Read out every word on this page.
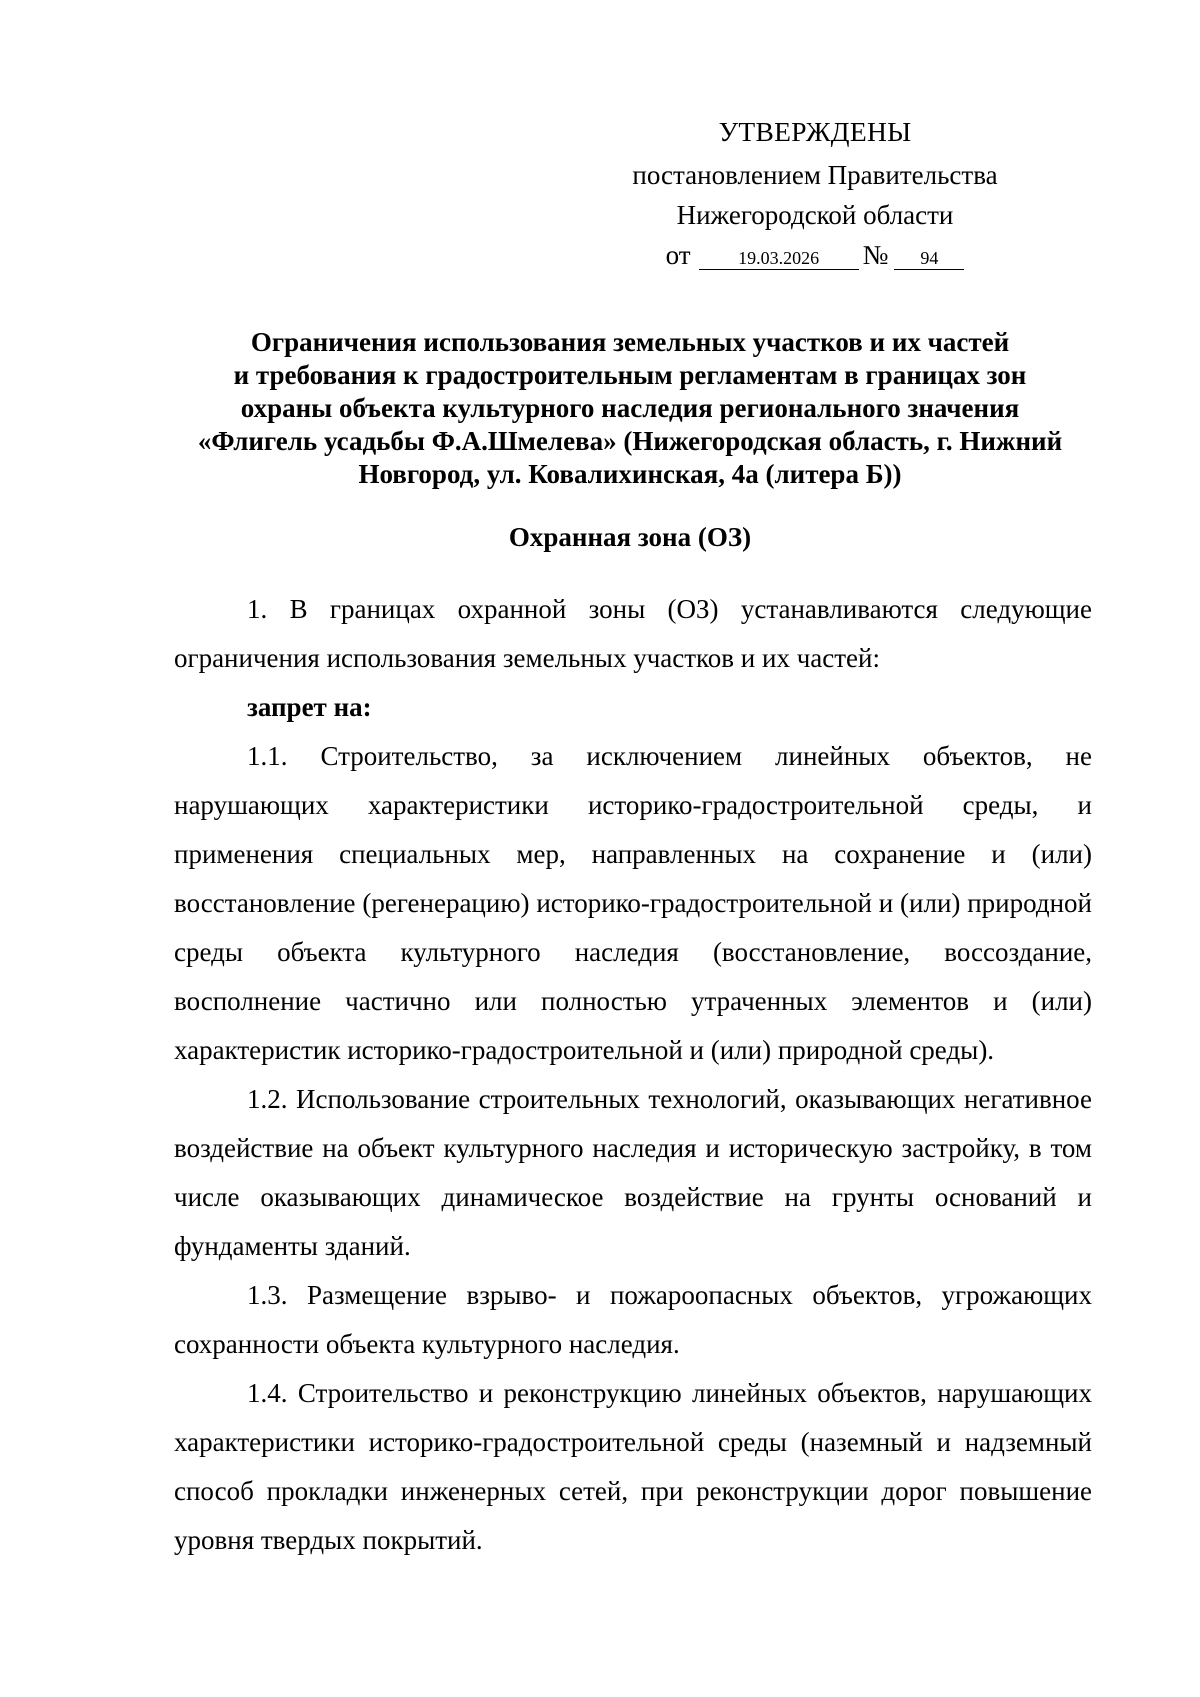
УТВЕРЖДЕНЫ
постановлением Правительства
Нижегородской области
от	19.03.2026 № 94
Ограничения использования земельных участков и их частей
и требования к градостроительным регламентам в границах зон
охраны объекта культурного наследия регионального значения
«Флигель усадьбы Ф.А.Шмелева» (Нижегородская область, г. Нижний
Новгород, ул. Ковалихинская, 4а (литера Б))
Охранная зона (ОЗ)

1. В границах охранной зоны (ОЗ) устанавливаются следующие ограничения использования земельных участков и их частей:

запрет на:

1.1. Строительство, за исключением линейных объектов, не нарушающих характеристики историко-градостроительной среды, и применения специальных мер, направленных на сохранение и (или) восстановление (регенерацию) историко-градостроительной и (или) природной среды объекта культурного наследия (восстановление, воссоздание, восполнение частично или полностью утраченных элементов и (или) характеристик историко-градостроительной и (или) природной среды).

1.2. Использование строительных технологий, оказывающих негативное воздействие на объект культурного наследия и историческую застройку, в том числе оказывающих динамическое воздействие на грунты оснований и фундаменты зданий.

1.3. Размещение взрыво- и пожароопасных объектов, угрожающих сохранности объекта культурного наследия.

1.4. Строительство и реконструкцию линейных объектов, нарушающих характеристики историко-градостроительной среды (наземный и надземный способ прокладки инженерных сетей, при реконструкции дорог повышение уровня твердых покрытий.
